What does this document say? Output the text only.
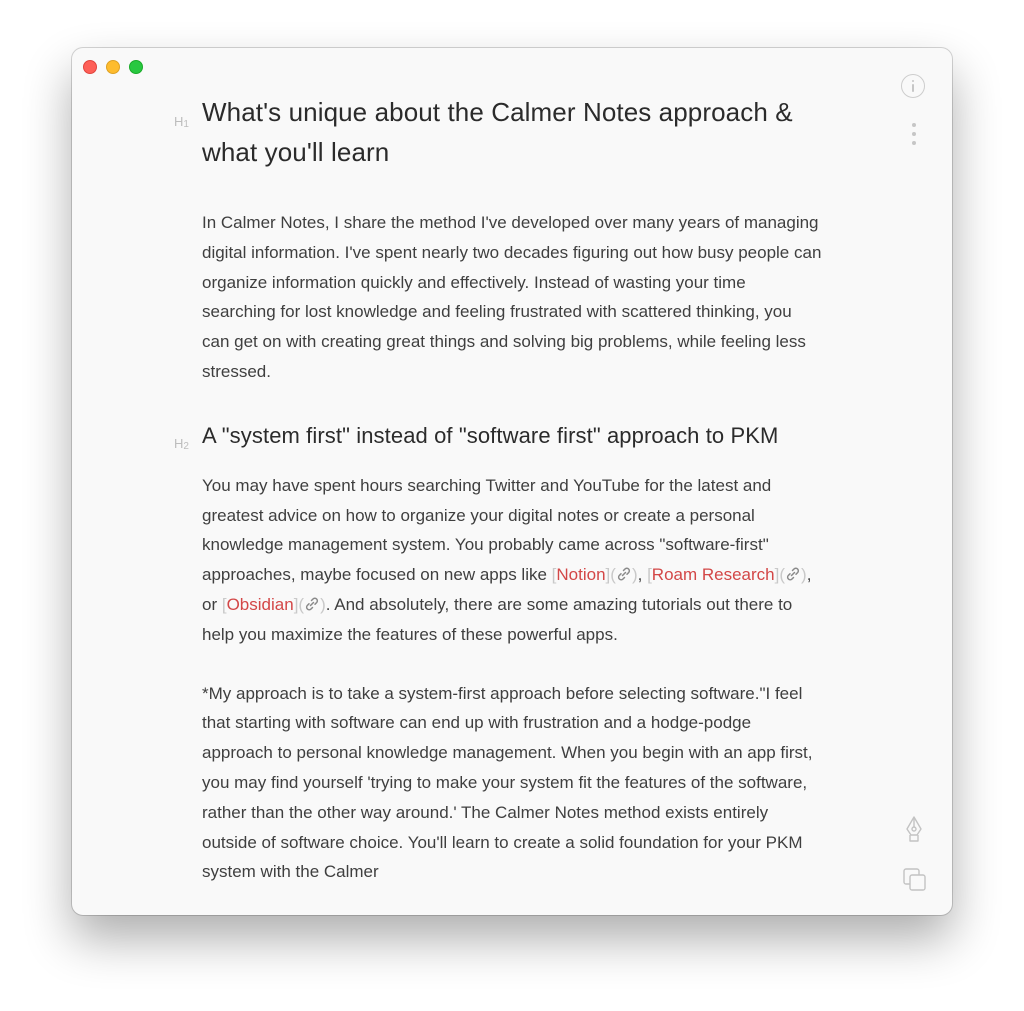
$H_1$ What's unique about the Calmer Notes approach & what you'll learn

In Calmer Notes, I share the method I've developed over many years of managing digital information. I've spent nearly two decades figuring out how busy people can organize information quickly and effectively. Instead of wasting your time searching for lost knowledge and feeling frustrated with scattered thinking, you can get on with creating great things and solving big problems, while feeling less stressed.

$H_2$ A "system first" instead of "software first" approach to PKM

You may have spent hours searching Twitter and YouTube for the latest and greatest advice on how to organize your digital notes or create a personal knowledge management system. You probably came across "software-first" approaches, maybe focused on new apps like [Notion]( ), [Roam Research]( ), or [Obsidian]( ). And absolutely, there are some amazing tutorials out there to help you maximize the features of these powerful apps.

*My approach is to take a system-first approach before selecting software."I feel that starting with software can end up with frustration and a hodge-podge approach to personal knowledge management. When you begin with an app first, you may find yourself 'trying to make your system fit the features of the software, rather than the other way around.' The Calmer Notes method exists entirely outside of software choice. You'll learn to create a solid foundation for your PKM system with the Calmer
